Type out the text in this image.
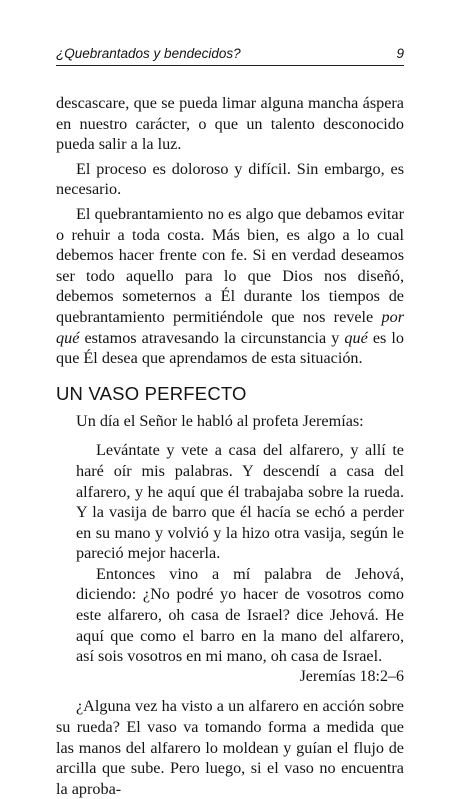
¿Quebrantados y bendecidos?	9

descascare, que se pueda limar alguna mancha áspera en nuestro carácter, o que un talento desconocido pueda salir a la luz.

El proceso es doloroso y difícil. Sin embargo, es necesario.

El quebrantamiento no es algo que debamos evitar o rehuir a toda costa. Más bien, es algo a lo cual debemos hacer frente con fe. Si en verdad deseamos ser todo aquello para lo que Dios nos diseñó, debemos someternos a Él durante los tiempos de quebrantamiento permitiéndole que nos revele por qué estamos atravesando la circunstancia y qué es lo que Él desea que aprendamos de esta situación.

UN VASO PERFECTO

Un día el Señor le habló al profeta Jeremías:

Levántate y vete a casa del alfarero, y allí te haré oír mis palabras. Y descendí a casa del alfarero, y he aquí que él trabajaba sobre la rueda. Y la vasija de barro que él hacía se echó a perder en su mano y volvió y la hizo otra vasija, según le pareció mejor hacerla.

Entonces vino a mí palabra de Jehová, diciendo: ¿No podré yo hacer de vosotros como este alfarero, oh casa de Israel? dice Jehová. He aquí que como el barro en la mano del alfarero, así sois vosotros en mi mano, oh casa de Israel.

Jeremías 18:2–6

¿Alguna vez ha visto a un alfarero en acción sobre su rueda? El vaso va tomando forma a medida que las manos del alfarero lo moldean y guían el flujo de arcilla que sube. Pero luego, si el vaso no encuentra la aproba-
